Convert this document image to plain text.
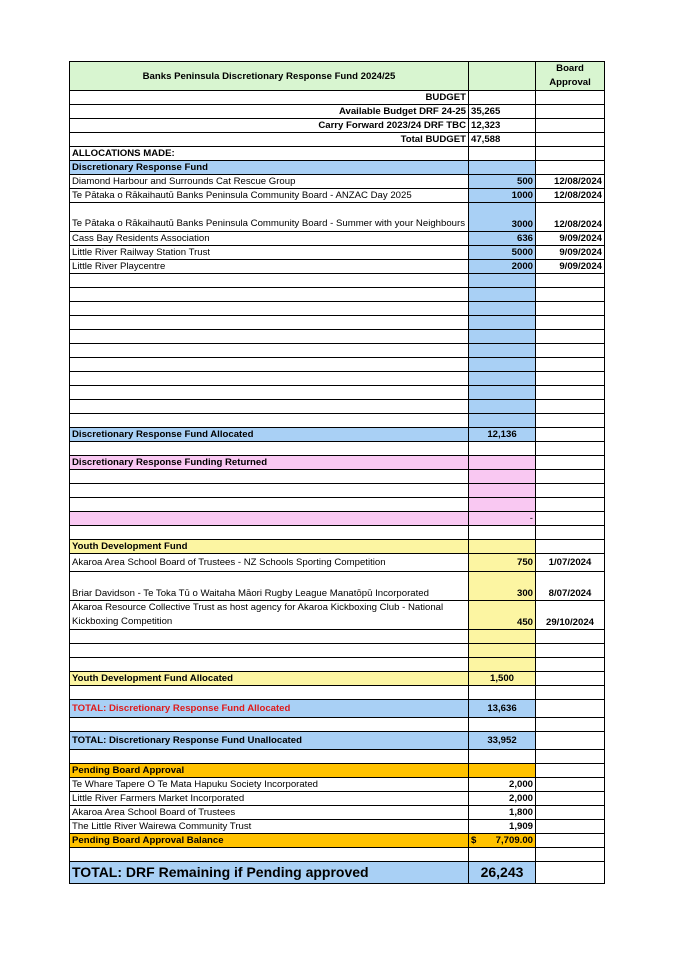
Banks Peninsula Discretionary Response Fund 2024/25		Board Approval
BUDGET		
Available Budget DRF 24-25	35,265	
Carry Forward 2023/24 DRF TBC	12,323	
Total BUDGET	47,588	
ALLOCATIONS MADE:		
Discretionary Response Fund		
Diamond Harbour and Surrounds Cat Rescue Group	500	12/08/2024
Te Pātaka o Rākaihautū Banks Peninsula Community Board - ANZAC Day 2025	1000	12/08/2024
Te Pātaka o Rākaihautū Banks Peninsula Community Board - Summer with your Neighbours	3000	12/08/2024
Cass Bay Residents Association	636	9/09/2024
Little River Railway Station Trust	5000	9/09/2024
Little River Playcentre	2000	9/09/2024

Discretionary Response Fund Allocated	12,136	

Discretionary Response Funding Returned		

	-	

Youth Development Fund		
Akaroa Area School Board of Trustees - NZ Schools Sporting Competition	750	1/07/2024
Briar Davidson - Te Toka Tū o Waitaha Māori Rugby League Manatōpū Incorporated	300	8/07/2024
Akaroa Resource Collective Trust as host agency for Akaroa Kickboxing Club - National Kickboxing Competition	450	29/10/2024

Youth Development Fund Allocated	1,500	

TOTAL: Discretionary Response Fund Allocated	13,636	

TOTAL: Discretionary Response Fund Unallocated	33,952	

Pending Board Approval		
Te Whare Tapere O Te Mata Hapuku Society Incorporated	2,000	
Little River Farmers Market Incorporated	2,000	
Akaroa Area School Board of Trustees	1,800	
The Little River Wairewa Community Trust	1,909	
Pending Board Approval Balance	$ 7,709.00	

TOTAL: DRF Remaining if Pending approved	26,243	
